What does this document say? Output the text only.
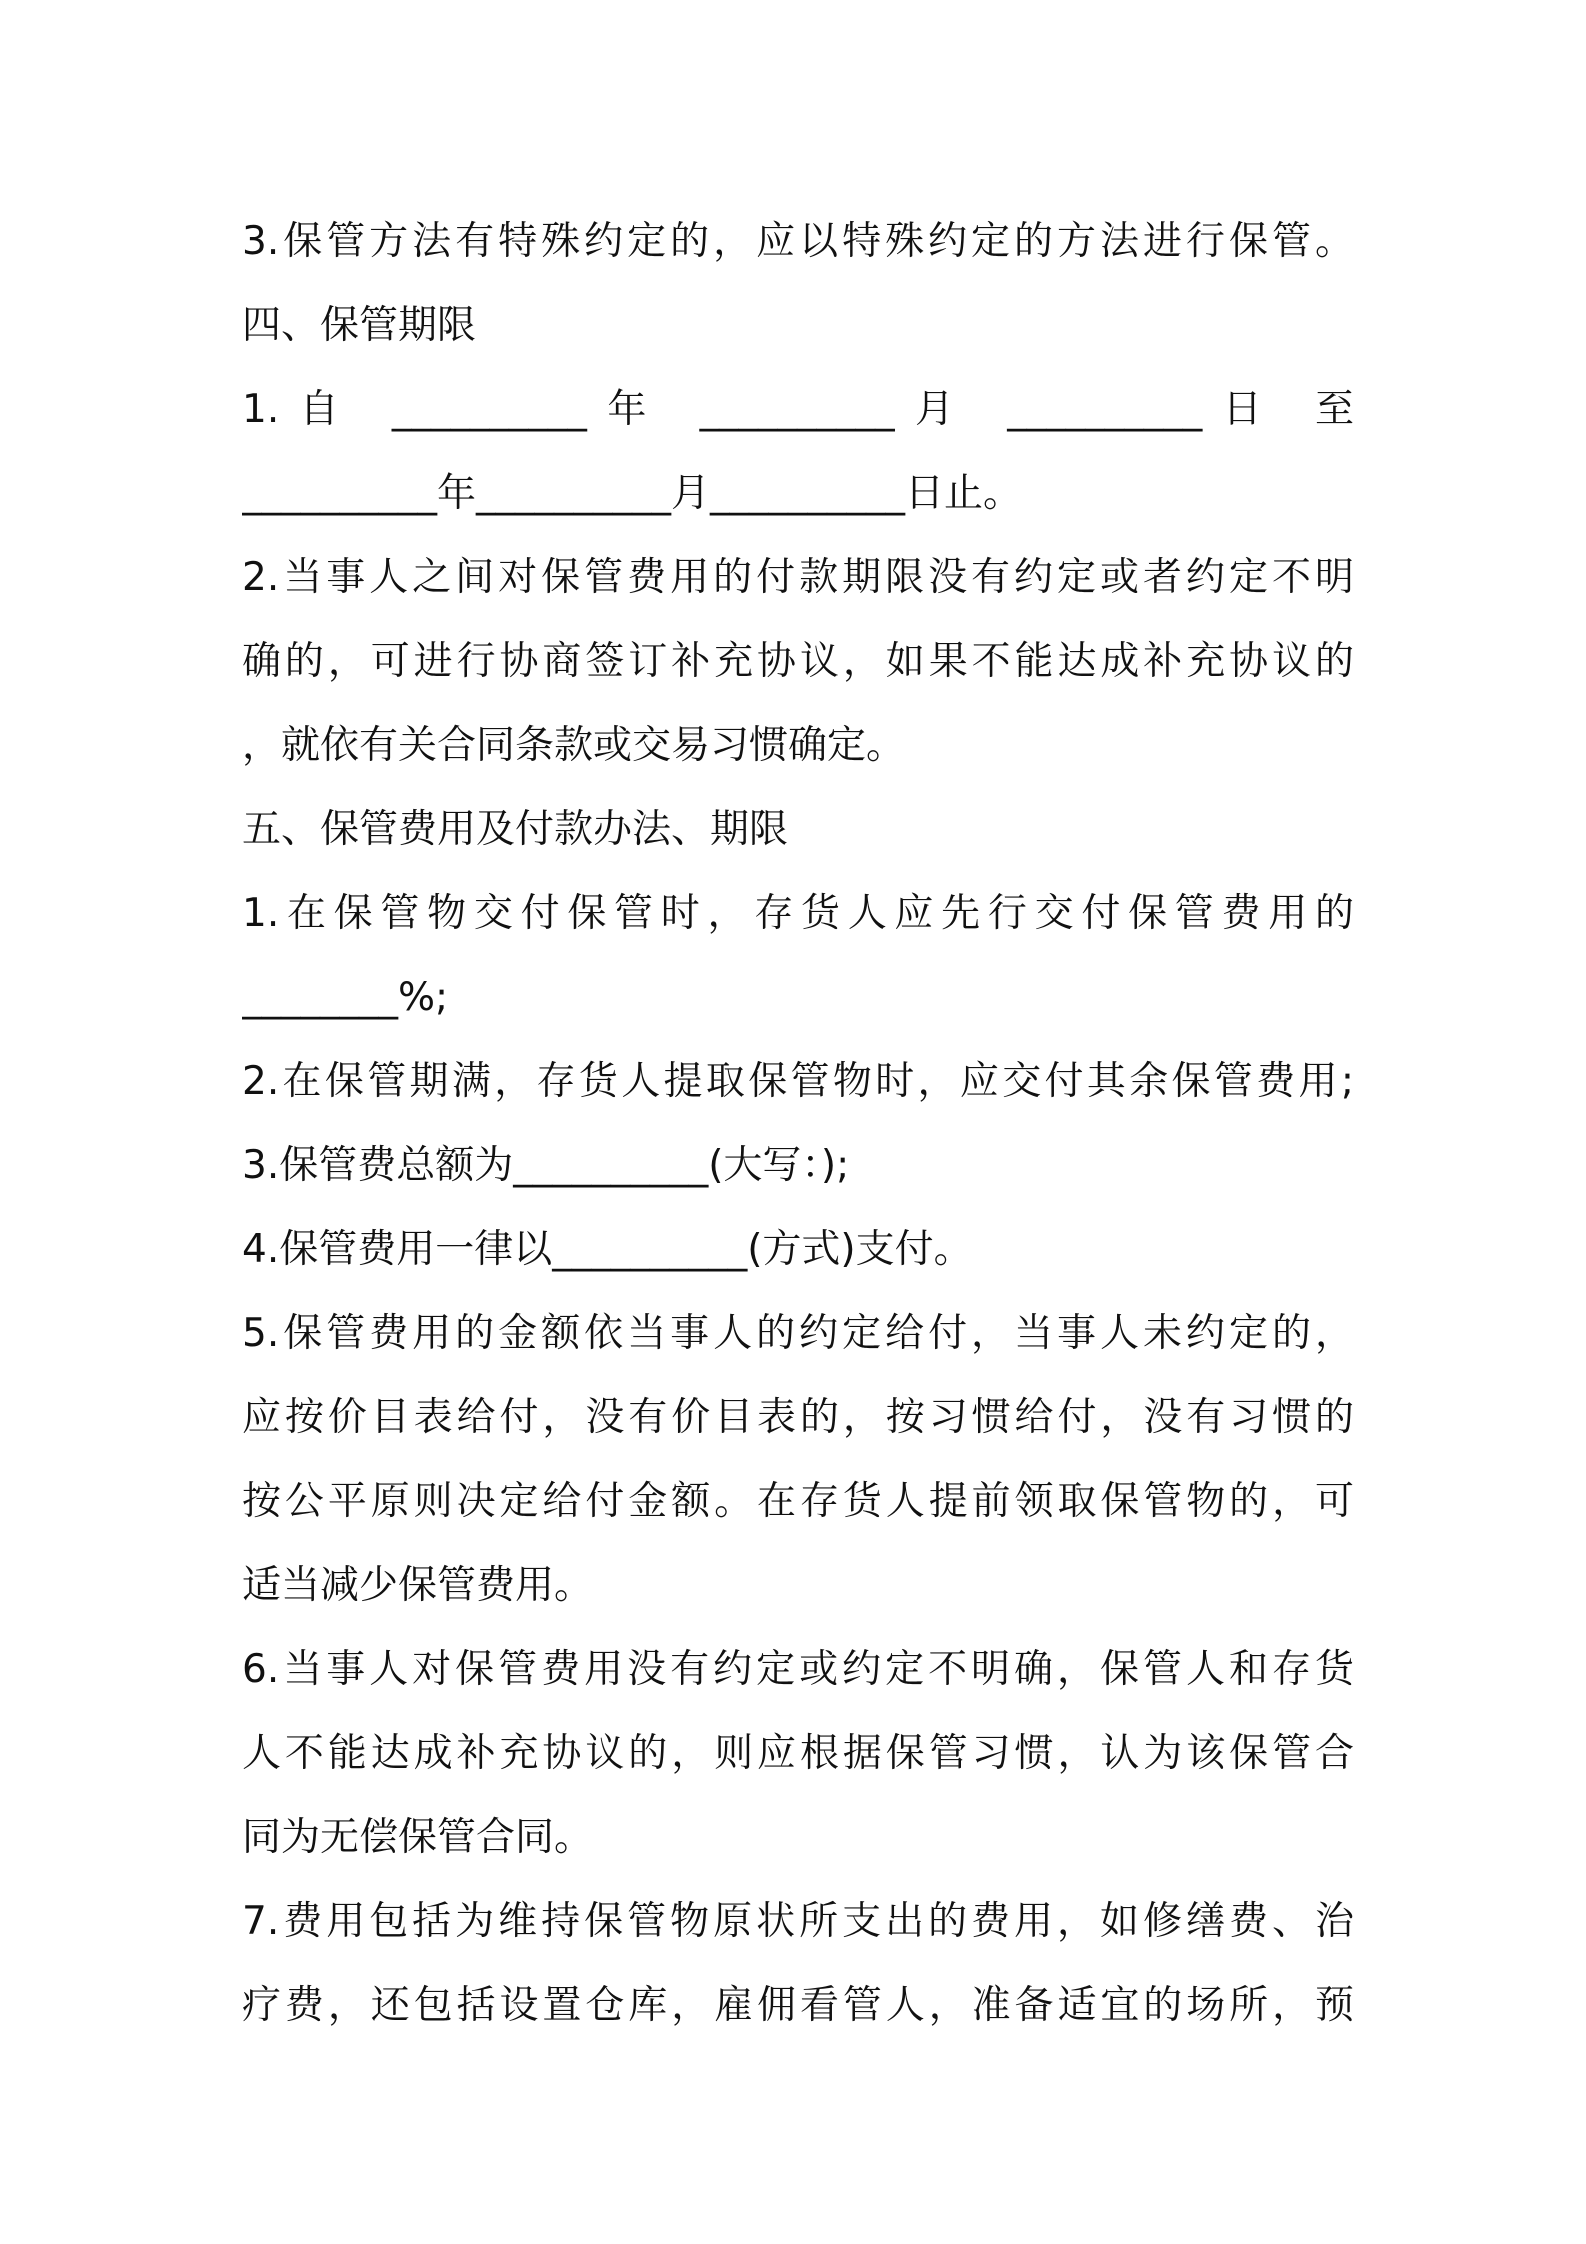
3.保管方法有特殊约定的，应以特殊约定的方法进行保管。
四、保管期限
1.自 __________年 __________月 __________日 至
__________年__________月__________日止。
2.当事人之间对保管费用的付款期限没有约定或者约定不明
确的，可进行协商签订补充协议，如果不能达成补充协议的
，就依有关合同条款或交易习惯确定。
五、保管费用及付款办法、期限
1.在保管物交付保管时，存货人应先行交付保管费用的
________%;
2.在保管期满，存货人提取保管物时，应交付其余保管费用;
3.保管费总额为__________(大写：);
4.保管费用一律以__________(方式)支付。
5.保管费用的金额依当事人的约定给付，当事人未约定的，
应按价目表给付，没有价目表的，按习惯给付，没有习惯的
按公平原则决定给付金额。在存货人提前领取保管物的，可
适当减少保管费用。
6.当事人对保管费用没有约定或约定不明确，保管人和存货
人不能达成补充协议的，则应根据保管习惯，认为该保管合
同为无偿保管合同。
7.费用包括为维持保管物原状所支出的费用，如修缮费、治
疗费，还包括设置仓库，雇佣看管人，准备适宜的场所，预
